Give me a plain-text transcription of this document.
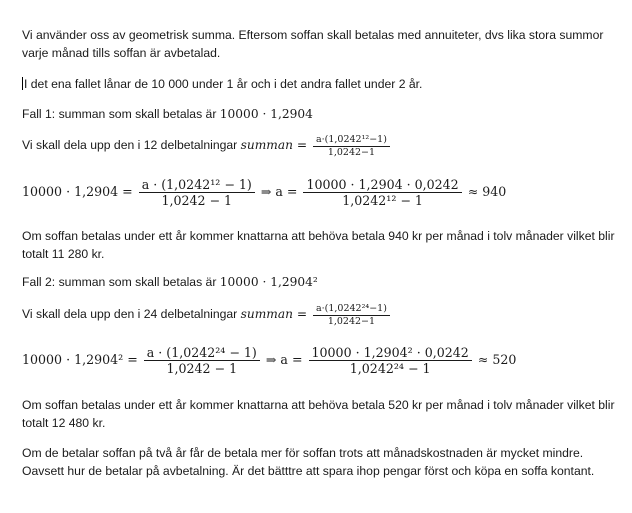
Vi använder oss av geometrisk summa. Eftersom soffan skall betalas med annuiteter, dvs lika stora summor varje månad tills soffan är avbetalad.

I det ena fallet lånar de 10 000 under 1 år och i det andra fallet under 2 år.
Fall 1: summan som skall betalas är 10000 · 1,2904
Vi skall dela upp den i 12 delbetalningar summan = $\frac{\text{a·(1,0242¹²−1)}}{1,0242-1}$
$10000 \cdot 1,2904 = \frac{\text{a · (1,0242¹² − 1)}}{1,0242 - 1}$ ⇒ $a = \frac{10000 \cdot 1,2904 \cdot 0,0242}{\text{1,0242¹² − 1}} \approx 940$

Om soffan betalas under ett år kommer knattarna att behöva betala 940 kr per månad i tolv månader vilket blir totalt 11 280 kr.

Fall 2: summan som skall betalas är 10000 · 1,2904²
Vi skall dela upp den i 24 delbetalningar summan = $\frac{\text{a·(1,0242²⁴−1)}}{1,0242-1}$
$10000 \cdot 1,2904^2 = \frac{\text{a · (1,0242²⁴ − 1)}}{1,0242 - 1}$ ⇒ $a = \frac{\text{10000 · 1,2904² · 0,0242}}{\text{1,0242²⁴ − 1}} \approx 520$

Om soffan betalas under ett år kommer knattarna att behöva betala 520 kr per månad i tolv månader vilket blir totalt 12 480 kr.

Om de betalar soffan på två år får de betala mer för soffan trots att månadskostnaden är mycket mindre. Oavsett hur de betalar på avbetalning. Är det bätttre att spara ihop pengar först och köpa en soffa kontant.
